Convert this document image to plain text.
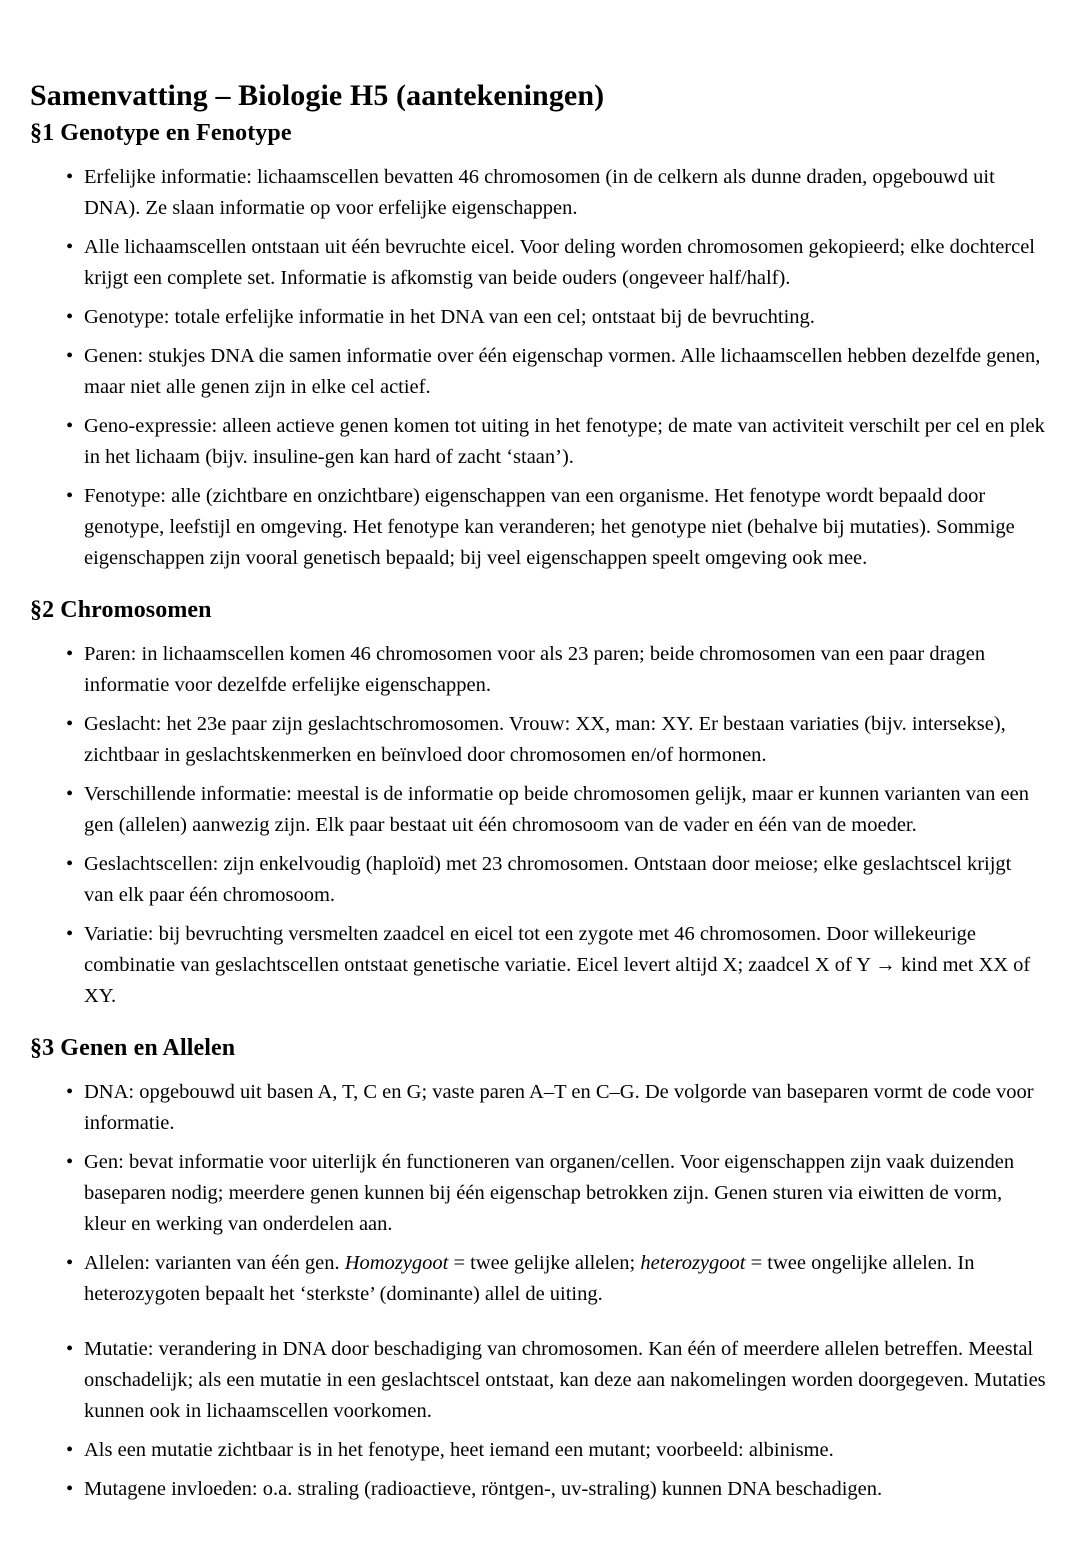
Samenvatting – Biologie H5 (aantekeningen)
§1 Genotype en Fenotype
• Erfelijke informatie: lichaamscellen bevatten 46 chromosomen (in de celkern als dunne draden, opgebouwd uit DNA). Ze slaan informatie op voor erfelijke eigenschappen.
• Alle lichaamscellen ontstaan uit één bevruchte eicel. Voor deling worden chromosomen gekopieerd; elke dochtercel krijgt een complete set. Informatie is afkomstig van beide ouders (ongeveer half/half).
• Genotype: totale erfelijke informatie in het DNA van een cel; ontstaat bij de bevruchting.
• Genen: stukjes DNA die samen informatie over één eigenschap vormen. Alle lichaamscellen hebben dezelfde genen, maar niet alle genen zijn in elke cel actief.
• Geno-expressie: alleen actieve genen komen tot uiting in het fenotype; de mate van activiteit verschilt per cel en plek in het lichaam (bijv. insuline-gen kan hard of zacht ‘staan’).
• Fenotype: alle (zichtbare en onzichtbare) eigenschappen van een organisme. Het fenotype wordt bepaald door genotype, leefstijl en omgeving. Het fenotype kan veranderen; het genotype niet (behalve bij mutaties). Sommige eigenschappen zijn vooral genetisch bepaald; bij veel eigenschappen speelt omgeving ook mee.
§2 Chromosomen
• Paren: in lichaamscellen komen 46 chromosomen voor als 23 paren; beide chromosomen van een paar dragen informatie voor dezelfde erfelijke eigenschappen.
• Geslacht: het 23e paar zijn geslachtschromosomen. Vrouw: XX, man: XY. Er bestaan variaties (bijv. intersekse), zichtbaar in geslachtskenmerken en beïnvloed door chromosomen en/of hormonen.
• Verschillende informatie: meestal is de informatie op beide chromosomen gelijk, maar er kunnen varianten van een gen (allelen) aanwezig zijn. Elk paar bestaat uit één chromosoom van de vader en één van de moeder.
• Geslachtscellen: zijn enkelvoudig (haploïd) met 23 chromosomen. Ontstaan door meiose; elke geslachtscel krijgt van elk paar één chromosoom.
• Variatie: bij bevruchting versmelten zaadcel en eicel tot een zygote met 46 chromosomen. Door willekeurige combinatie van geslachtscellen ontstaat genetische variatie. Eicel levert altijd X; zaadcel X of Y → kind met XX of XY.
§3 Genen en Allelen
• DNA: opgebouwd uit basen A, T, C en G; vaste paren A–T en C–G. De volgorde van baseparen vormt de code voor informatie.
• Gen: bevat informatie voor uiterlijk én functioneren van organen/cellen. Voor eigenschappen zijn vaak duizenden baseparen nodig; meerdere genen kunnen bij één eigenschap betrokken zijn. Genen sturen via eiwitten de vorm, kleur en werking van onderdelen aan.
• Allelen: varianten van één gen. Homozygoot = twee gelijke allelen; heterozygoot = twee ongelijke allelen. In heterozygoten bepaalt het ‘sterkste’ (dominante) allel de uiting.
• Mutatie: verandering in DNA door beschadiging van chromosomen. Kan één of meerdere allelen betreffen. Meestal onschadelijk; als een mutatie in een geslachtscel ontstaat, kan deze aan nakomelingen worden doorgegeven. Mutaties kunnen ook in lichaamscellen voorkomen.
• Als een mutatie zichtbaar is in het fenotype, heet iemand een mutant; voorbeeld: albinisme.
• Mutagene invloeden: o.a. straling (radioactieve, röntgen-, uv-straling) kunnen DNA beschadigen.
